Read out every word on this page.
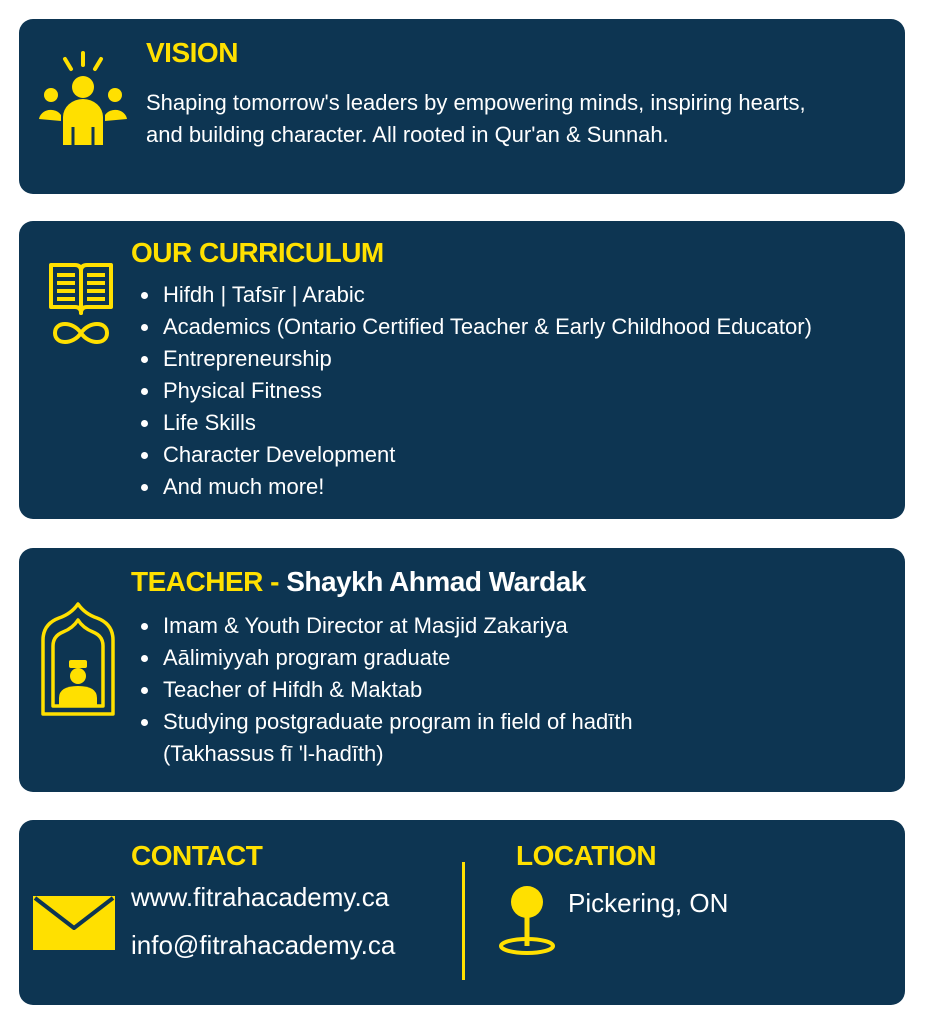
VISION
Shaping tomorrow's leaders by empowering minds, inspiring hearts, and building character. All rooted in Qur'an & Sunnah.
OUR CURRICULUM
Hifdh | Tafsīr | Arabic
Academics (Ontario Certified Teacher & Early Childhood Educator)
Entrepreneurship
Physical Fitness
Life Skills
Character Development
And much more!
TEACHER - Shaykh Ahmad Wardak
Imam & Youth Director at Masjid Zakariya
Aālimiyyah program graduate
Teacher of Hifdh & Maktab
Studying postgraduate program in field of hadīth
(Takhassus fī 'l-hadīth)
CONTACT
www.fitrahacademy.ca
info@fitrahacademy.ca
LOCATION
Pickering, ON
